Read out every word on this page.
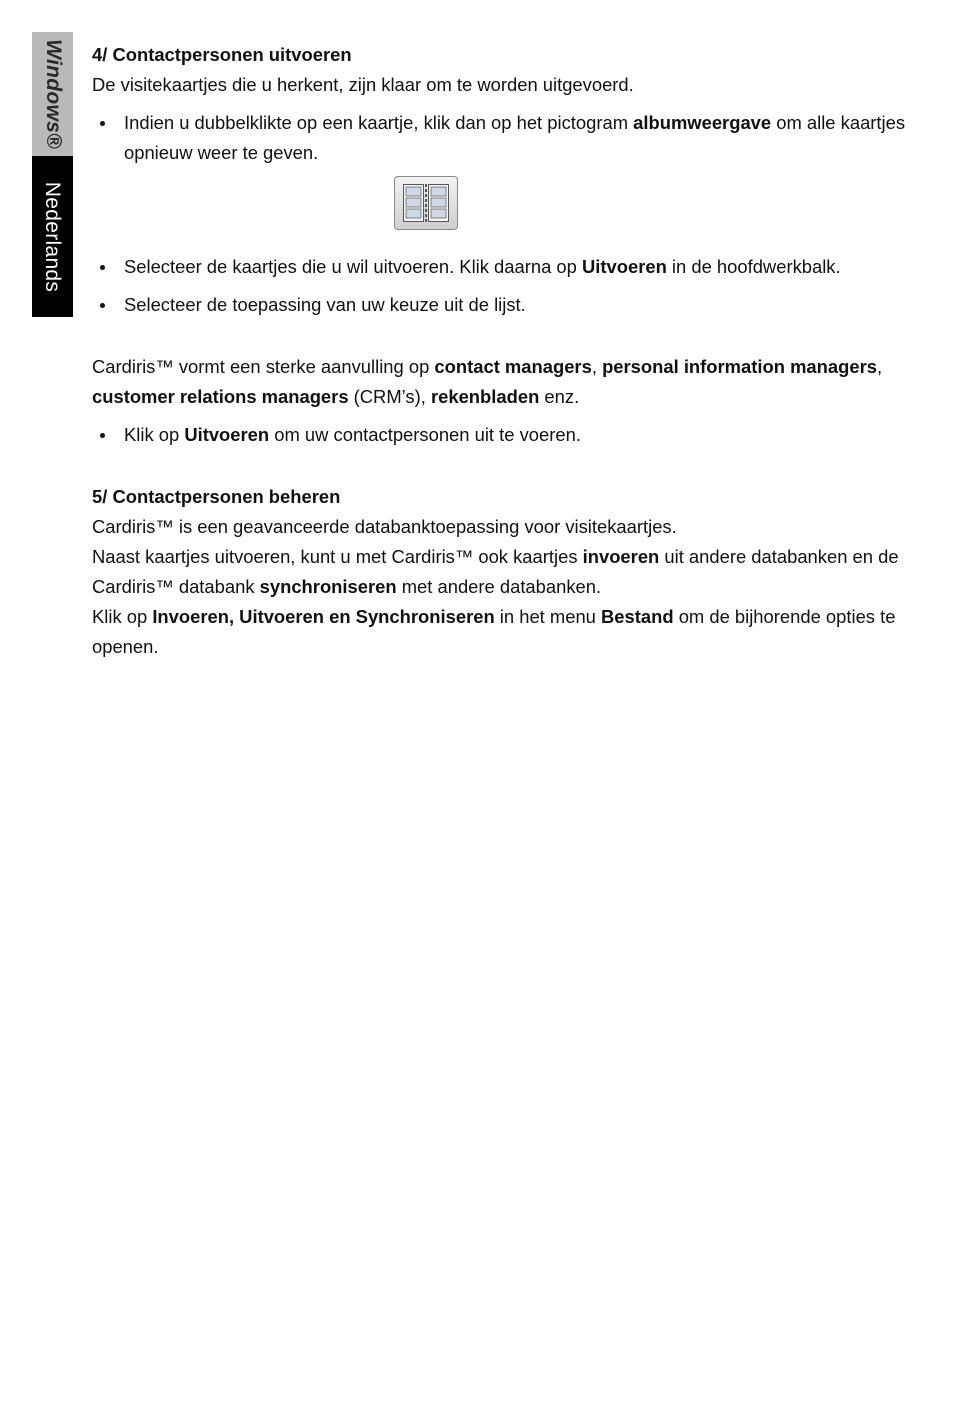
Windows®
Nederlands
4/ Contactpersonen uitvoeren

De visitekaartjes die u herkent, zijn klaar om te worden uitgevoerd.

Indien u dubbelklikte op een kaartje, klik dan op het pictogram albumweergave om alle kaartjes opnieuw weer te geven.
Selecteer de kaartjes die u wil uitvoeren. Klik daarna op Uitvoeren in de hoofdwerkbalk.
Selecteer de toepassing van uw keuze uit de lijst.

Cardiris™ vormt een sterke aanvulling op contact managers, personal information managers, customer relations managers (CRM’s), rekenbladen enz.

Klik op Uitvoeren om uw contactpersonen uit te voeren.
5/ Contactpersonen beheren

Cardiris™ is een geavanceerde databanktoepassing voor visitekaartjes.

Naast kaartjes uitvoeren, kunt u met Cardiris™ ook kaartjes invoeren uit andere databanken en de Cardiris™ databank synchroniseren met andere databanken.

Klik op Invoeren, Uitvoeren en Synchroniseren in het menu Bestand om de bijhorende opties te openen.
